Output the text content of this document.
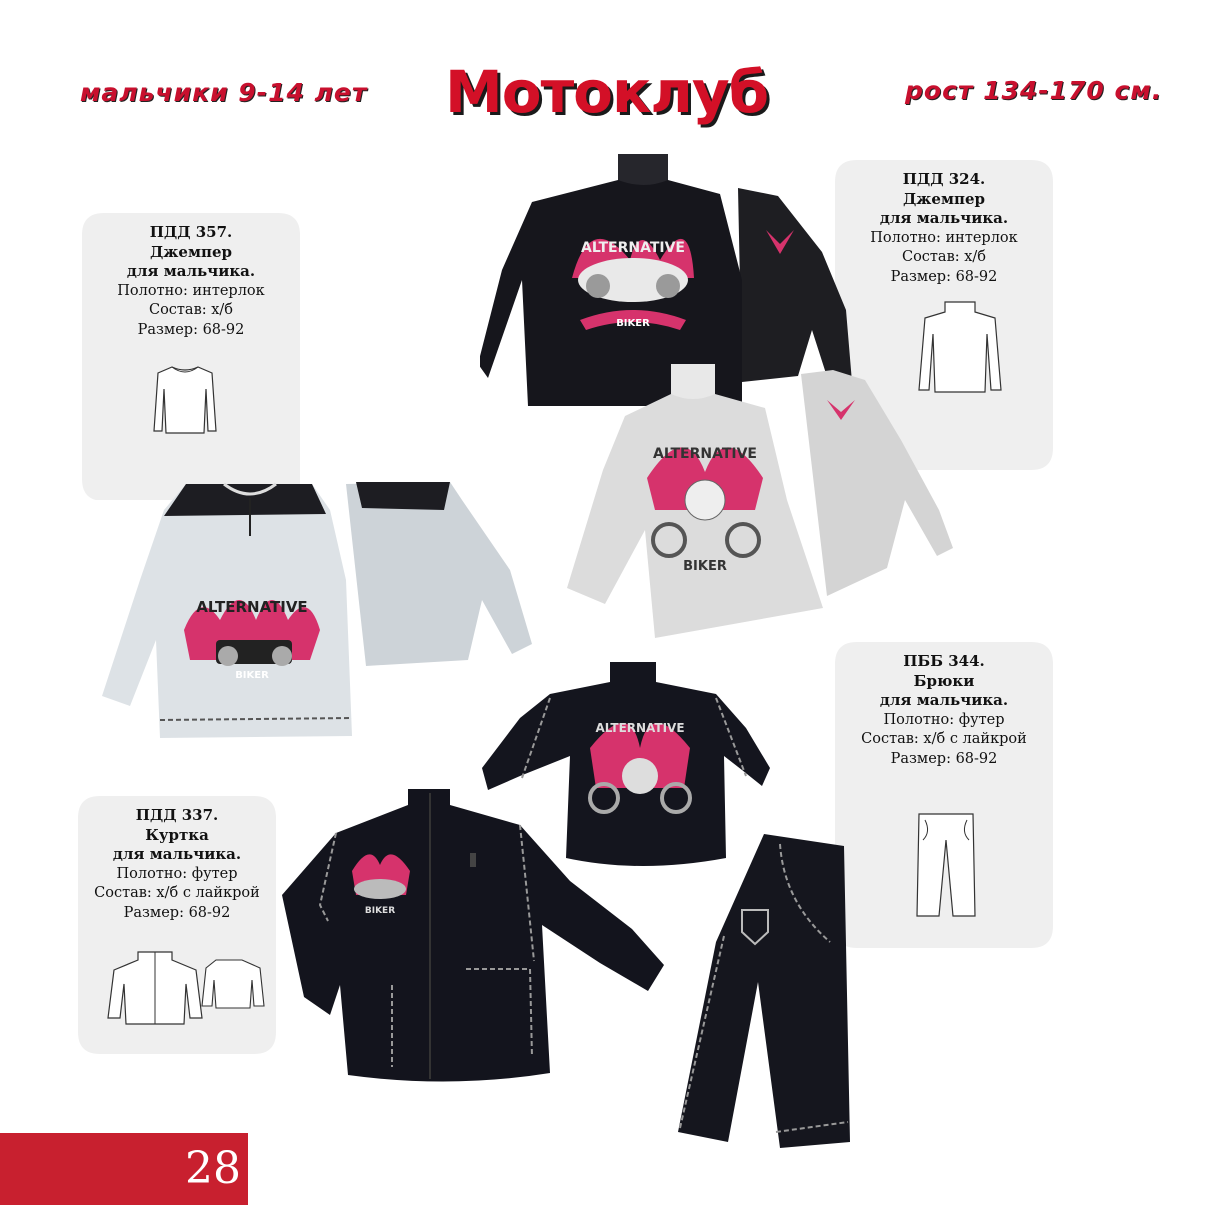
мальчики 9-14 лет Мотоклуб	рост 134-170 см.
ПДД 357.
Джемпер
для мальчика.
Полотно: интерлок
Состав: х/б
Размер: 68-92
ПДД 324.
Джемпер
для мальчика.
Полотно: интерлок
Состав: х/б
Размер: 68-92
ПББ 344.
Брюки
для мальчика.
Полотно: футер
Состав: х/б с лайкрой
Размер: 68-92
ПДД 337.
Куртка
для мальчика.
Полотно: футер
Состав: х/б с лайкрой
Размер: 68-92
ALTERNATIVE
BIKER
ALTERNATIVE
BIKER
ALTERNATIVE
BIKER
ALTERNATIVE
BIKER
28
